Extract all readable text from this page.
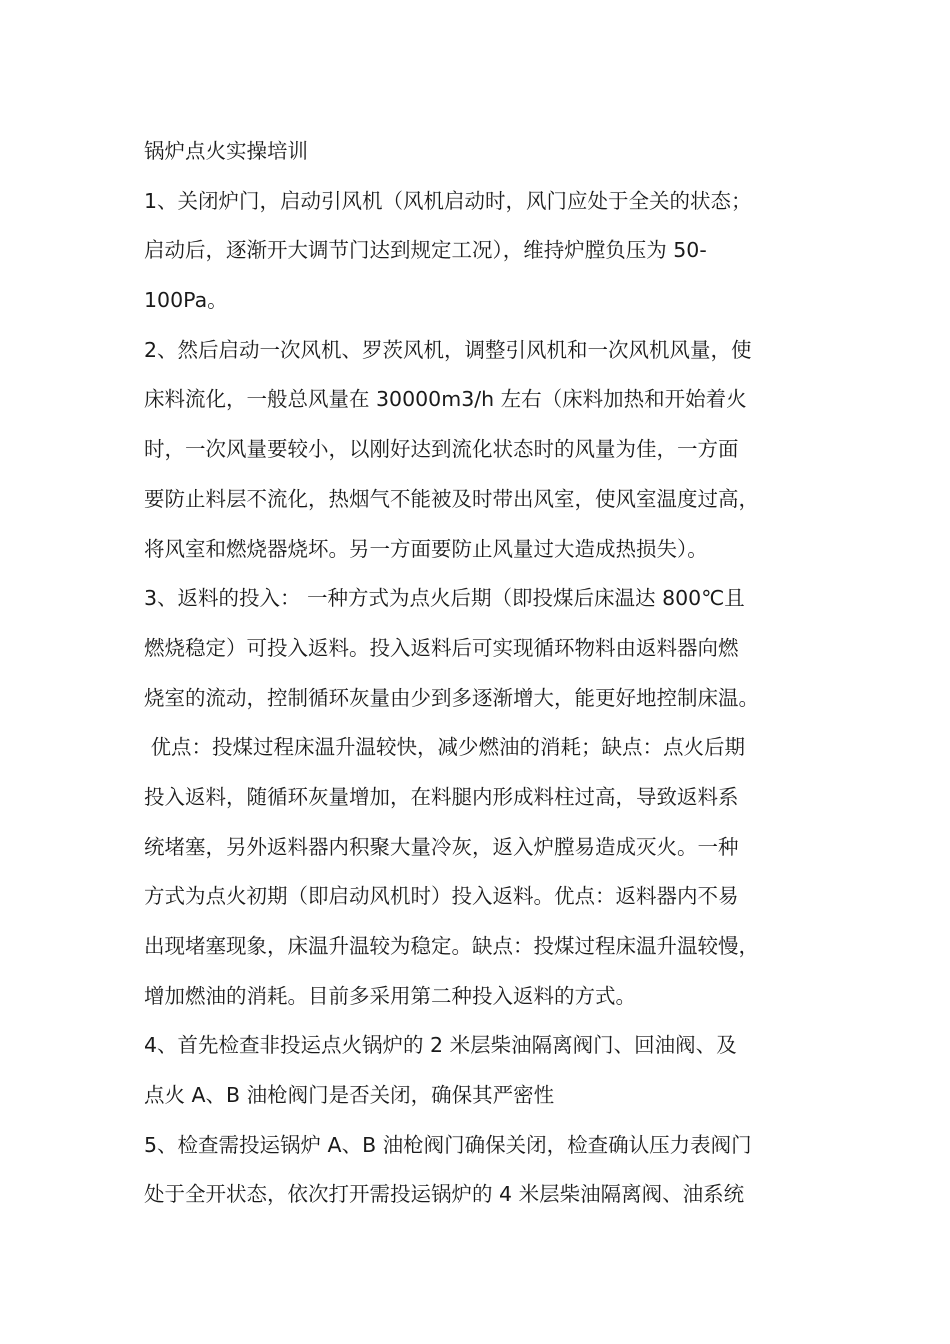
锅炉点火实操培训
1、关闭炉门，启动引风机（风机启动时，风门应处于全关的状态；
启动后，逐渐开大调节门达到规定工况），维持炉膛负压为 50-
100Pa。
2、然后启动一次风机、罗茨风机，调整引风机和一次风机风量，使
床料流化，一般总风量在 30000m3/h 左右（床料加热和开始着火
时，一次风量要较小，以刚好达到流化状态时的风量为佳，一方面
要防止料层不流化，热烟气不能被及时带出风室，使风室温度过高，
将风室和燃烧器烧坏。另一方面要防止风量过大造成热损失）。
3、返料的投入： 一种方式为点火后期（即投煤后床温达 800℃且
燃烧稳定）可投入返料。投入返料后可实现循环物料由返料器向燃
烧室的流动，控制循环灰量由少到多逐渐增大，能更好地控制床温。
优点：投煤过程床温升温较快，减少燃油的消耗；缺点：点火后期
投入返料，随循环灰量增加，在料腿内形成料柱过高，导致返料系
统堵塞，另外返料器内积聚大量冷灰，返入炉膛易造成灭火。一种
方式为点火初期（即启动风机时）投入返料。优点：返料器内不易
出现堵塞现象，床温升温较为稳定。缺点：投煤过程床温升温较慢，
增加燃油的消耗。目前多采用第二种投入返料的方式。
4、首先检查非投运点火锅炉的 2 米层柴油隔离阀门、回油阀、及
点火 A、B 油枪阀门是否关闭，确保其严密性
5、检查需投运锅炉 A、B 油枪阀门确保关闭，检查确认压力表阀门
处于全开状态，依次打开需投运锅炉的 4 米层柴油隔离阀、油系统
